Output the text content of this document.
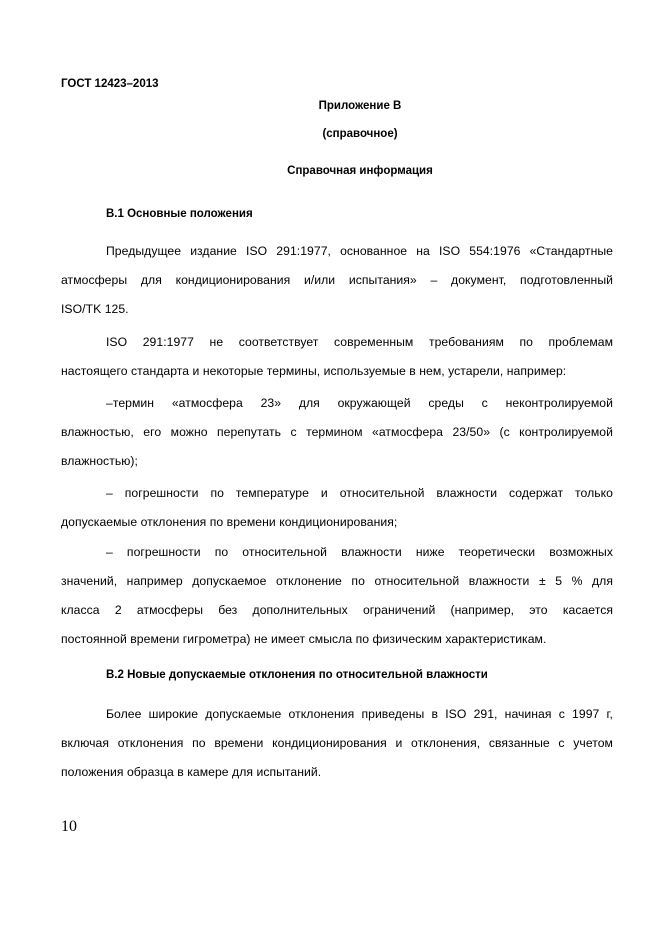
ГОСТ 12423–2013
Приложение В
(справочное)
Справочная информация
В.1 Основные положения
Предыдущее издание ISO 291:1977, основанное на ISO 554:1976 «Стандартные
атмосферы для кондиционирования и/или испытания» – документ, подготовленный
ISO/TK 125.
ISO 291:1977 не соответствует современным требованиям по проблемам
настоящего стандарта и некоторые термины, используемые в нем, устарели, например:
–термин «атмосфера 23» для окружающей среды с неконтролируемой
влажностью, его можно перепутать с термином «атмосфера 23/50» (с контролируемой
влажностью);
– погрешности по температуре и относительной влажности содержат только
допускаемые отклонения по времени кондиционирования;
– погрешности по относительной влажности ниже теоретически возможных
значений, например допускаемое отклонение по относительной влажности ± 5 % для
класса 2 атмосферы без дополнительных ограничений (например, это касается
постоянной времени гигрометра) не имеет смысла по физическим характеристикам.
В.2 Новые допускаемые отклонения по относительной влажности
Более широкие допускаемые отклонения приведены в ISO 291, начиная с 1997 г,
включая отклонения по времени кондиционирования и отклонения, связанные с учетом
положения образца в камере для испытаний.
10
